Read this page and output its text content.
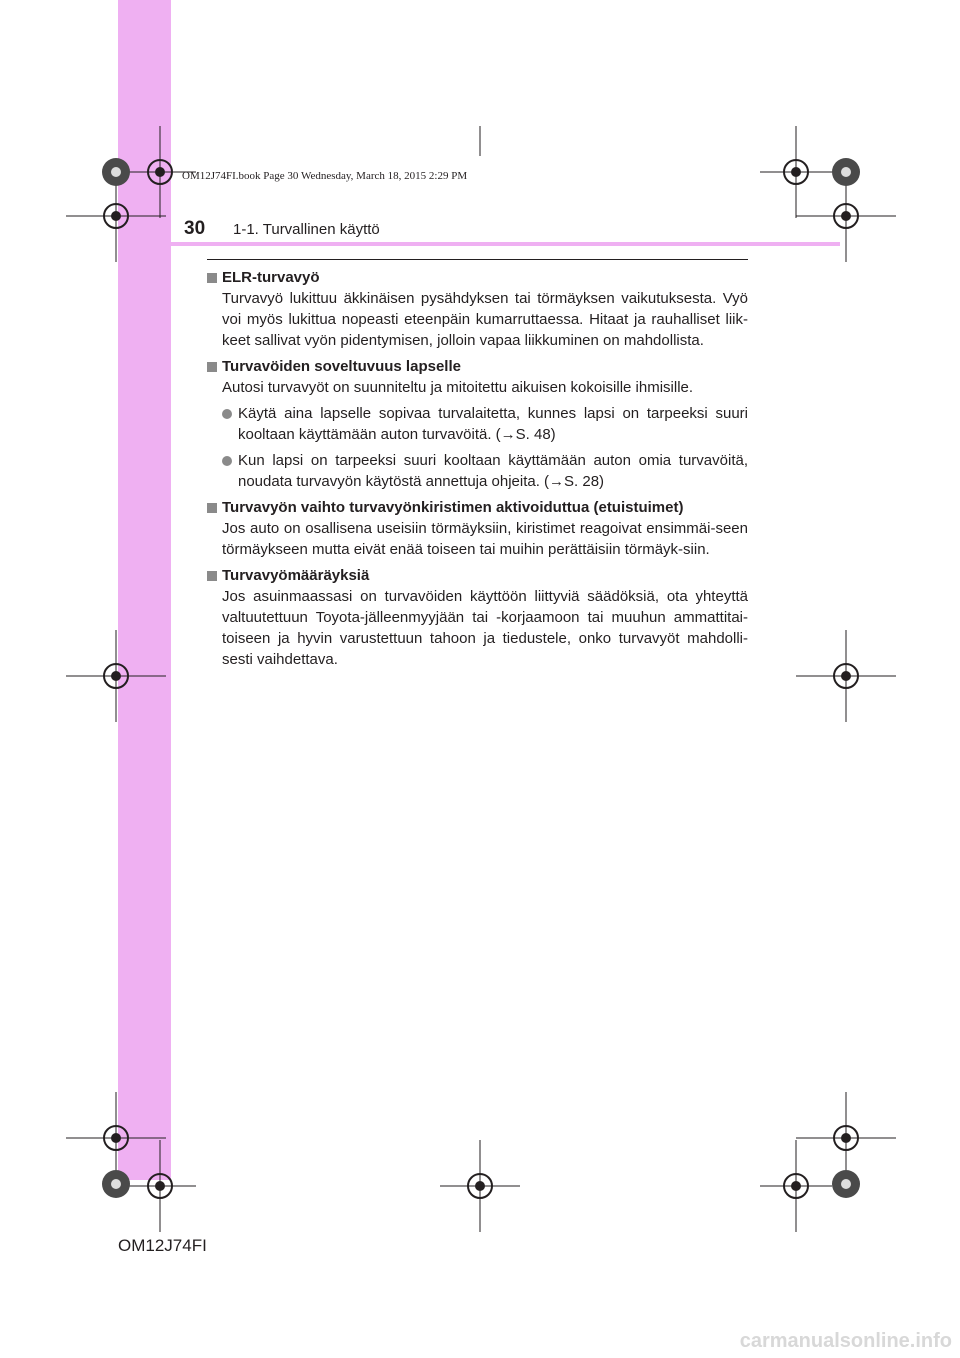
OM12J74FI.book Page 30 Wednesday, March 18, 2015 2:29 PM
30 1-1. Turvallinen käyttö
ELR-turvavyö

Turvavyö lukittuu äkkinäisen pysähdyksen tai törmäyksen vaikutuksesta. Vyö voi myös lukittua nopeasti eteenpäin kumarruttaessa. Hitaat ja rauhalliset liik-keet sallivat vyön pidentymisen, jolloin vapaa liikkuminen on mahdollista.

Turvavöiden soveltuvuus lapselle

Autosi turvavyöt on suunniteltu ja mitoitettu aikuisen kokoisille ihmisille.

Käytä aina lapselle sopivaa turvalaitetta, kunnes lapsi on tarpeeksi suuri kooltaan käyttämään auton turvavöitä. (→S. 48)
Kun lapsi on tarpeeksi suuri kooltaan käyttämään auton omia turvavöitä, noudata turvavyön käytöstä annettuja ohjeita. (→S. 28)
Turvavyön vaihto turvavyönkiristimen aktivoiduttua (etuistuimet)

Jos auto on osallisena useisiin törmäyksiin, kiristimet reagoivat ensimmäi-seen törmäykseen mutta eivät enää toiseen tai muihin perättäisiin törmäyk-siin.

Turvavyömääräyksiä

Jos asuinmaassasi on turvavöiden käyttöön liittyviä säädöksiä, ota yhteyttä valtuutettuun Toyota-jälleenmyyjään tai -korjaamoon tai muuhun ammattitai-toiseen ja hyvin varustettuun tahoon ja tiedustele, onko turvavyöt mahdolli-sesti vaihdettava.

OM12J74FI
carmanualsonline.info
